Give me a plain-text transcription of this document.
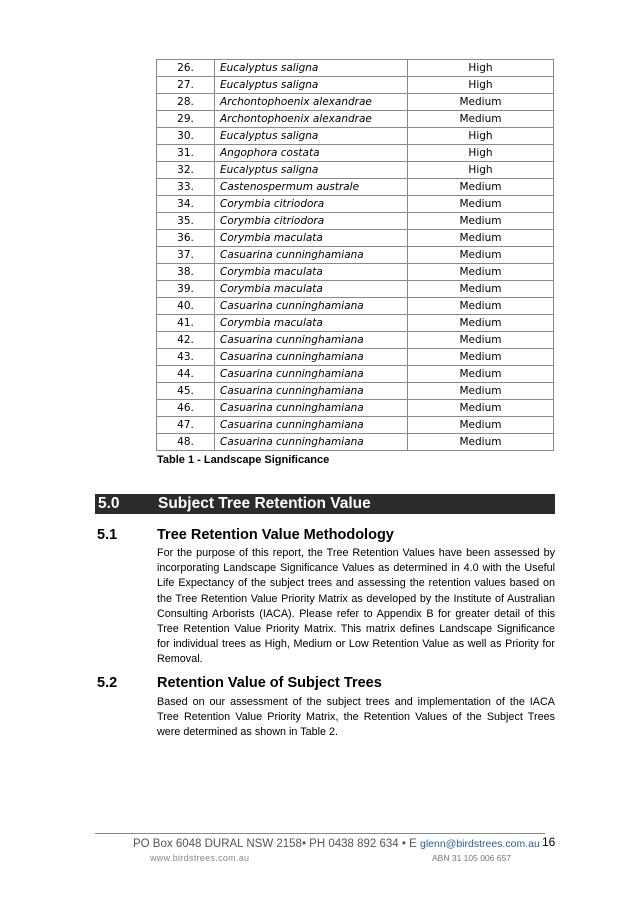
26.	Eucalyptus saligna	High
27.	Eucalyptus saligna	High
28.	Archontophoenix alexandrae	Medium
29.	Archontophoenix alexandrae	Medium
30.	Eucalyptus saligna	High
31.	Angophora costata	High
32.	Eucalyptus saligna	High
33.	Castenospermum australe	Medium
34.	Corymbia citriodora	Medium
35.	Corymbia citriodora	Medium
36.	Corymbia maculata	Medium
37.	Casuarina cunninghamiana	Medium
38.	Corymbia maculata	Medium
39.	Corymbia maculata	Medium
40.	Casuarina cunninghamiana	Medium
41.	Corymbia maculata	Medium
42.	Casuarina cunninghamiana	Medium
43.	Casuarina cunninghamiana	Medium
44.	Casuarina cunninghamiana	Medium
45.	Casuarina cunninghamiana	Medium
46.	Casuarina cunninghamiana	Medium
47.	Casuarina cunninghamiana	Medium
48.	Casuarina cunninghamiana	Medium
Table 1 - Landscape Significance
5.0 Subject Tree Retention Value
5.1	Tree Retention Value Methodology
For the purpose of this report, the Tree Retention Values have been assessed by incorporating Landscape Significance Values as determined in 4.0 with the Useful Life Expectancy of the subject trees and assessing the retention values based on the Tree Retention Value Priority Matrix as developed by the Institute of Australian Consulting Arborists (IACA). Please refer to Appendix B for greater detail of this Tree Retention Value Priority Matrix. This matrix defines Landscape Significance for individual trees as High, Medium or Low Retention Value as well as Priority for Removal.
5.2	Retention Value of Subject Trees
Based on our assessment of the subject trees and implementation of the IACA Tree Retention Value Priority Matrix, the Retention Values of the Subject Trees were determined as shown in Table 2.
PO Box 6048 DURAL NSW 2158• PH 0438 892 634 • E glenn@birdstrees.com.au
www.birdstrees.com.au	ABN 31 105 006 657
16
